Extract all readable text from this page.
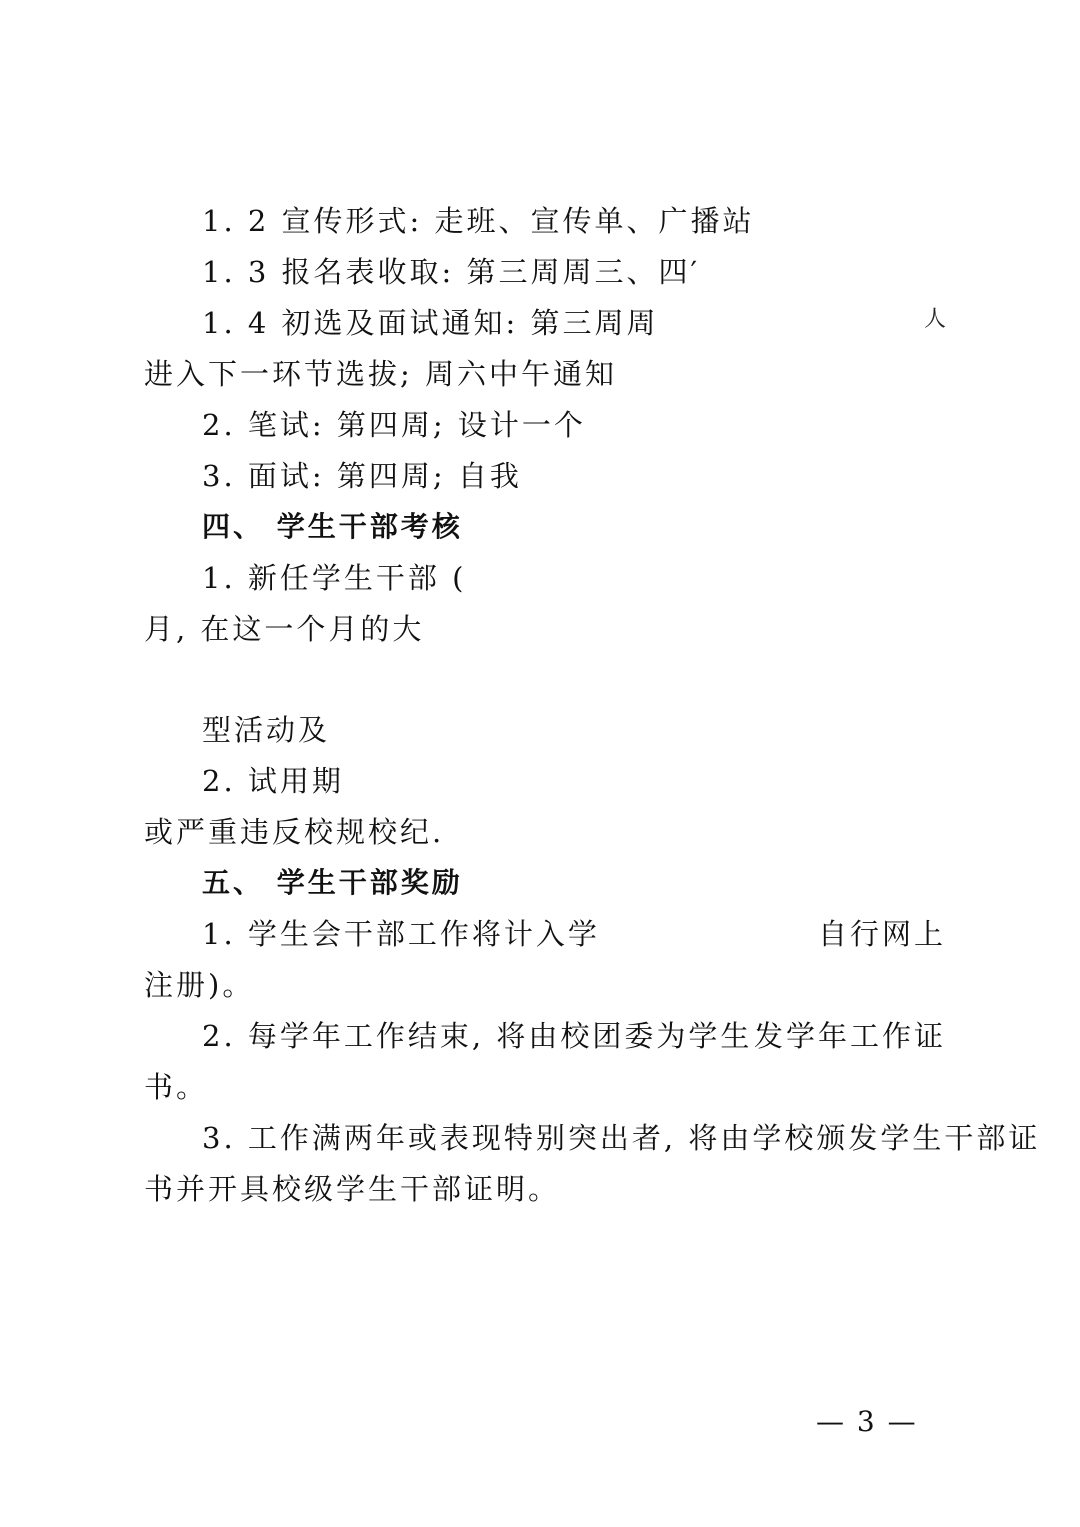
1. 2 宣传形式: 走班、宣传单、广播站
1. 3 报名表收取: 第三周周三、四′
1. 4 初选及面试通知: 第三周周	人
进入下一环节选拔; 周六中午通知
2. 笔试: 第四周; 设计一个
3. 面试: 第四周; 自我
四、 学生干部考核
1. 新任学生干部 (
月, 在这一个月的大
型活动及
2. 试用期
或严重违反校规校纪.
五、 学生干部奖励
1. 学生会干部工作将计入学	自行网上
注册)。
2. 每学年工作结束, 将由校团委为学生 发学年工作证
书。
3. 工作满两年或表现特别突出者, 将由学校颁发学生干部证
书并开具校级学生干部证明。
— 3 —
